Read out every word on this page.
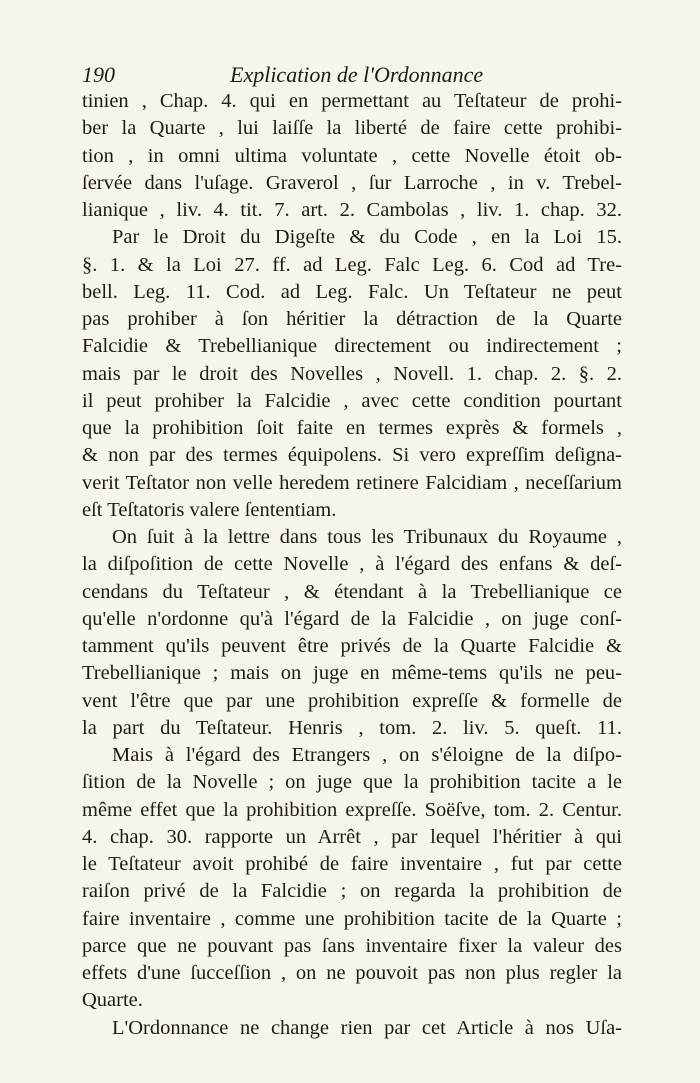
190	Explication de l'Ordonnance
tinien , Chap. 4. qui en permettant au Teſtateur de prohi-
ber la Quarte , lui laiſſe la liberté de faire cette prohibi-
tion , in omni ultima voluntate , cette Novelle étoit ob-
ſervée dans l'uſage. Graverol , ſur Larroche , in v. Trebel-
lianique , liv. 4. tit. 7. art. 2. Cambolas , liv. 1. chap. 32.
Par le Droit du Digeſte & du Code , en la Loi 15.
§. 1. & la Loi 27. ff. ad Leg. Falc Leg. 6. Cod ad Tre-
bell. Leg. 11. Cod. ad Leg. Falc. Un Teſtateur ne peut
pas prohiber à ſon héritier la détraction de la Quarte
Falcidie & Trebellianique directement ou indirectement ;
mais par le droit des Novelles , Novell. 1. chap. 2. §. 2.
il peut prohiber la Falcidie , avec cette condition pourtant
que la prohibition ſoit faite en termes exprès & formels ,
& non par des termes équipolens. Si vero expreſſim deſigna-
verit Teſtator non velle heredem retinere Falcidiam , neceſſarium
eſt Teſtatoris valere ſententiam.
On ſuit à la lettre dans tous les Tribunaux du Royaume ,
la diſpoſition de cette Novelle , à l'égard des enfans & deſ-
cendans du Teſtateur , & étendant à la Trebellianique ce
qu'elle n'ordonne qu'à l'égard de la Falcidie , on juge conſ-
tamment qu'ils peuvent être privés de la Quarte Falcidie &
Trebellianique ; mais on juge en même-tems qu'ils ne peu-
vent l'être que par une prohibition expreſſe & formelle de
la part du Teſtateur. Henris , tom. 2. liv. 5. queſt. 11.
Mais à l'égard des Etrangers , on s'éloigne de la diſpo-
ſition de la Novelle ; on juge que la prohibition tacite a le
même effet que la prohibition expreſſe. Soëſve, tom. 2. Centur.
4. chap. 30. rapporte un Arrêt , par lequel l'héritier à qui
le Teſtateur avoit prohibé de faire inventaire , fut par cette
raiſon privé de la Falcidie ; on regarda la prohibition de
faire inventaire , comme une prohibition tacite de la Quarte ;
parce que ne pouvant pas ſans inventaire fixer la valeur des
effets d'une ſucceſſion , on ne pouvoit pas non plus regler la
Quarte.
L'Ordonnance ne change rien par cet Article à nos Uſa-
